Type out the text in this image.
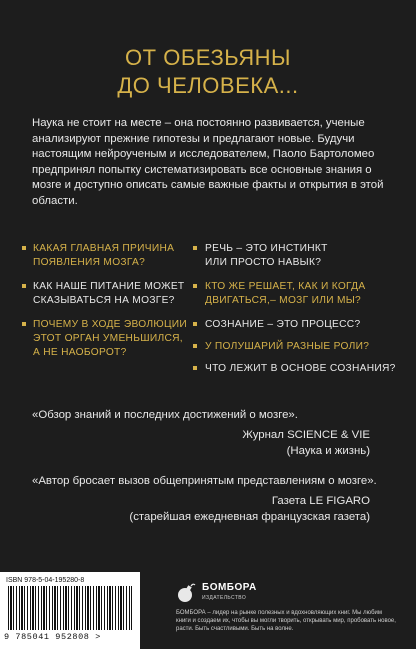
ОТ ОБЕЗЬЯНЫ
ДО ЧЕЛОВЕКА...
Наука не стоит на месте – она постоянно развивается, ученые анализируют прежние гипотезы и предлагают новые. Будучи настоящим нейроученым и исследователем, Паоло Бартоломео предпринял попытку систематизировать все основные знания о мозге и доступно описать самые важные факты и открытия в этой области.
КАКАЯ ГЛАВНАЯ ПРИЧИНА
ПОЯВЛЕНИЯ МОЗГА?
КАК НАШЕ ПИТАНИЕ МОЖЕТ
СКАЗЫВАТЬСЯ НА МОЗГЕ?
ПОЧЕМУ В ХОДЕ ЭВОЛЮЦИИ
ЭТОТ ОРГАН УМЕНЬШИЛСЯ,
А НЕ НАОБОРОТ?
РЕЧЬ – ЭТО ИНСТИНКТ
ИЛИ ПРОСТО НАВЫК?
КТО ЖЕ РЕШАЕТ, КАК И КОГДА
ДВИГАТЬСЯ,– МОЗГ ИЛИ МЫ?
СОЗНАНИЕ – ЭТО ПРОЦЕСС?
У ПОЛУШАРИЙ РАЗНЫЕ РОЛИ?
ЧТО ЛЕЖИТ В ОСНОВЕ СОЗНАНИЯ?
«Обзор знаний и последних достижений о мозге».
Журнал SCIENCE & VIE
(Наука и жизнь)
«Автор бросает вызов общепринятым представлениям о мозге».
Газета LE FIGARO
(старейшая ежедневная французская газета)
ISBN 978-5-04-195280-8
9 785041 952808 >
БОМБОРА
ИЗДАТЕЛЬСТВО
БОМБОРА – лидер на рынке полезных и вдохновляющих книг. Мы любим книги и создаем их, чтобы вы могли творить, открывать мир, пробовать новое, расти. Быть счастливыми. Быть на волне.
